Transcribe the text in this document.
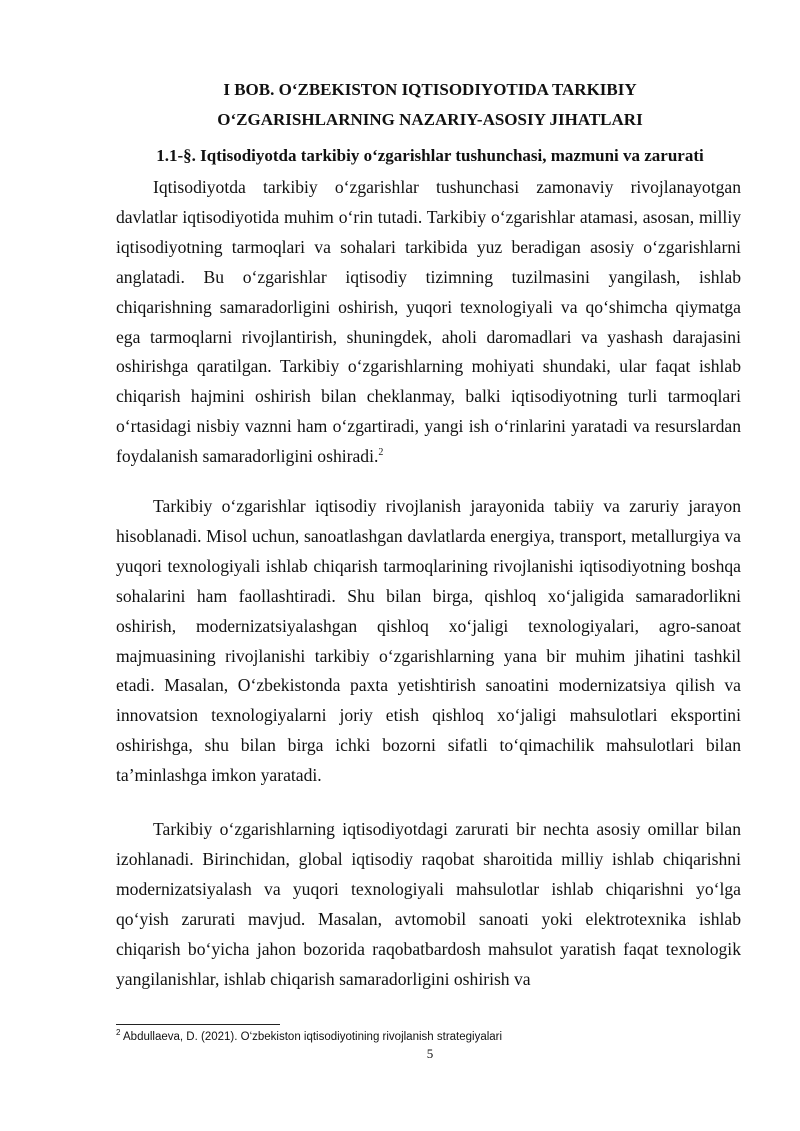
I BOB. O‘ZBEKISTON IQTISODIYOTIDA TARKIBIY
O‘ZGARISHLARNING NAZARIY-ASOSIY JIHATLARI
1.1-§. Iqtisodiyotda tarkibiy o‘zgarishlar tushunchasi, mazmuni va zarurati

Iqtisodiyotda tarkibiy o‘zgarishlar tushunchasi zamonaviy rivojlanayotgan davlatlar iqtisodiyotida muhim o‘rin tutadi. Tarkibiy o‘zgarishlar atamasi, asosan, milliy iqtisodiyotning tarmoqlari va sohalari tarkibida yuz beradigan asosiy o‘zgarishlarni anglatadi. Bu o‘zgarishlar iqtisodiy tizimning tuzilmasini yangilash, ishlab chiqarishning samaradorligini oshirish, yuqori texnologiyali va qo‘shimcha qiymatga ega tarmoqlarni rivojlantirish, shuningdek, aholi daromadlari va yashash darajasini oshirishga qaratilgan. Tarkibiy o‘zgarishlarning mohiyati shundaki, ular faqat ishlab chiqarish hajmini oshirish bilan cheklanmay, balki iqtisodiyotning turli tarmoqlari o‘rtasidagi nisbiy vaznni ham o‘zgartiradi, yangi ish o‘rinlarini yaratadi va resurslardan foydalanish samaradorligini oshiradi.$^2$

Tarkibiy o‘zgarishlar iqtisodiy rivojlanish jarayonida tabiiy va zaruriy jarayon hisoblanadi. Misol uchun, sanoatlashgan davlatlarda energiya, transport, metallurgiya va yuqori texnologiyali ishlab chiqarish tarmoqlarining rivojlanishi iqtisodiyotning boshqa sohalarini ham faollashtiradi. Shu bilan birga, qishloq xo‘jaligida samaradorlikni oshirish, modernizatsiyalashgan qishloq xo‘jaligi texnologiyalari, agro-sanoat majmuasining rivojlanishi tarkibiy o‘zgarishlarning yana bir muhim jihatini tashkil etadi. Masalan, O‘zbekistonda paxta yetishtirish sanoatini modernizatsiya qilish va innovatsion texnologiyalarni joriy etish qishloq xo‘jaligi mahsulotlari eksportini oshirishga, shu bilan birga ichki bozorni sifatli to‘qimachilik mahsulotlari bilan ta’minlashga imkon yaratadi.

Tarkibiy o‘zgarishlarning iqtisodiyotdagi zarurati bir nechta asosiy omillar bilan izohlanadi. Birinchidan, global iqtisodiy raqobat sharoitida milliy ishlab chiqarishni modernizatsiyalash va yuqori texnologiyali mahsulotlar ishlab chiqarishni yo‘lga qo‘yish zarurati mavjud. Masalan, avtomobil sanoati yoki elektrotexnika ishlab chiqarish bo‘yicha jahon bozorida raqobatbardosh mahsulot yaratish faqat texnologik yangilanishlar, ishlab chiqarish samaradorligini oshirish va

$^2$ Abdullaeva, D. (2021). O‘zbekiston iqtisodiyotining rivojlanish strategiyalari
5
